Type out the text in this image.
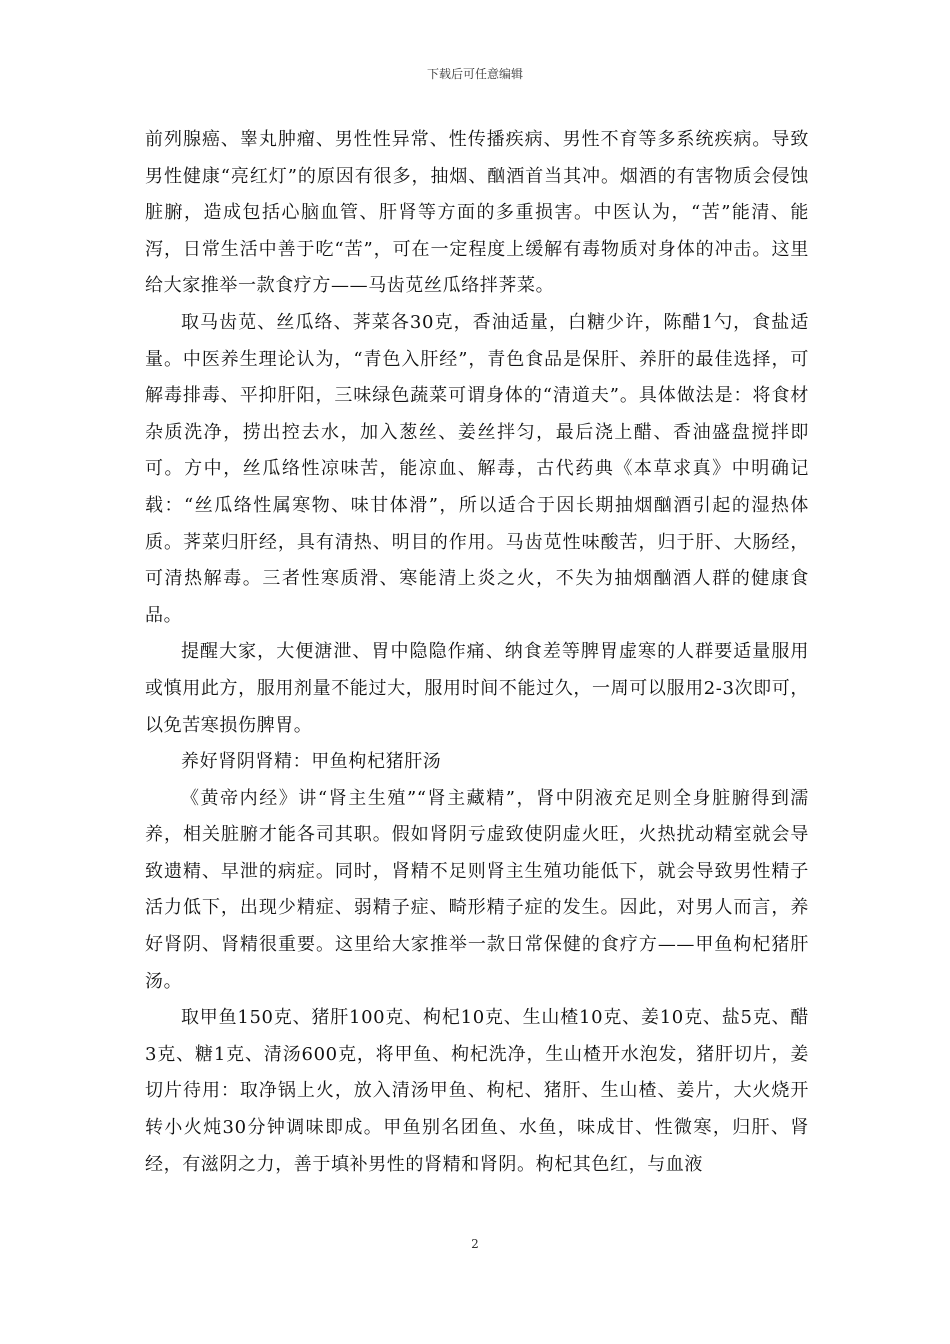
下载后可任意编辑

前列腺癌、睾丸肿瘤、男性性异常、性传播疾病、男性不育等多系统疾病。导致男性健康“亮红灯”的原因有很多，抽烟、酗酒首当其冲。烟酒的有害物质会侵蚀脏腑，造成包括心脑血管、肝肾等方面的多重损害。中医认为，“苦”能清、能泻，日常生活中善于吃“苦”，可在一定程度上缓解有毒物质对身体的冲击。这里给大家推举一款食疗方——马齿苋丝瓜络拌荠菜。

取马齿苋、丝瓜络、荠菜各30克，香油适量，白糖少许，陈醋1勺，食盐适量。中医养生理论认为，“青色入肝经”，青色食品是保肝、养肝的最佳选择，可解毒排毒、平抑肝阳，三味绿色蔬菜可谓身体的“清道夫”。具体做法是：将食材杂质洗净，捞出控去水，加入葱丝、姜丝拌匀，最后浇上醋、香油盛盘搅拌即可。方中，丝瓜络性凉味苦，能凉血、解毒，古代药典《本草求真》中明确记载：“丝瓜络性属寒物、味甘体滑”，所以适合于因长期抽烟酗酒引起的湿热体质。荠菜归肝经，具有清热、明目的作用。马齿苋性味酸苦，归于肝、大肠经，可清热解毒。三者性寒质滑、寒能清上炎之火，不失为抽烟酗酒人群的健康食品。

提醒大家，大便溏泄、胃中隐隐作痛、纳食差等脾胃虚寒的人群要适量服用或慎用此方，服用剂量不能过大，服用时间不能过久，一周可以服用2-3次即可，以免苦寒损伤脾胃。

养好肾阴肾精：甲鱼枸杞猪肝汤

《黄帝内经》讲“肾主生殖”“肾主藏精”，肾中阴液充足则全身脏腑得到濡养，相关脏腑才能各司其职。假如肾阴亏虚致使阴虚火旺，火热扰动精室就会导致遗精、早泄的病症。同时，肾精不足则肾主生殖功能低下，就会导致男性精子活力低下，出现少精症、弱精子症、畸形精子症的发生。因此，对男人而言，养好肾阴、肾精很重要。这里给大家推举一款日常保健的食疗方——甲鱼枸杞猪肝汤。

取甲鱼150克、猪肝100克、枸杞10克、生山楂10克、姜10克、盐5克、醋3克、糖1克、清汤600克，将甲鱼、枸杞洗净，生山楂开水泡发，猪肝切片，姜切片待用：取净锅上火，放入清汤甲鱼、枸杞、猪肝、生山楂、姜片，大火烧开转小火炖30分钟调味即成。甲鱼别名团鱼、水鱼，味成甘、性微寒，归肝、肾经，有滋阴之力，善于填补男性的肾精和肾阴。枸杞其色红，与血液

2
